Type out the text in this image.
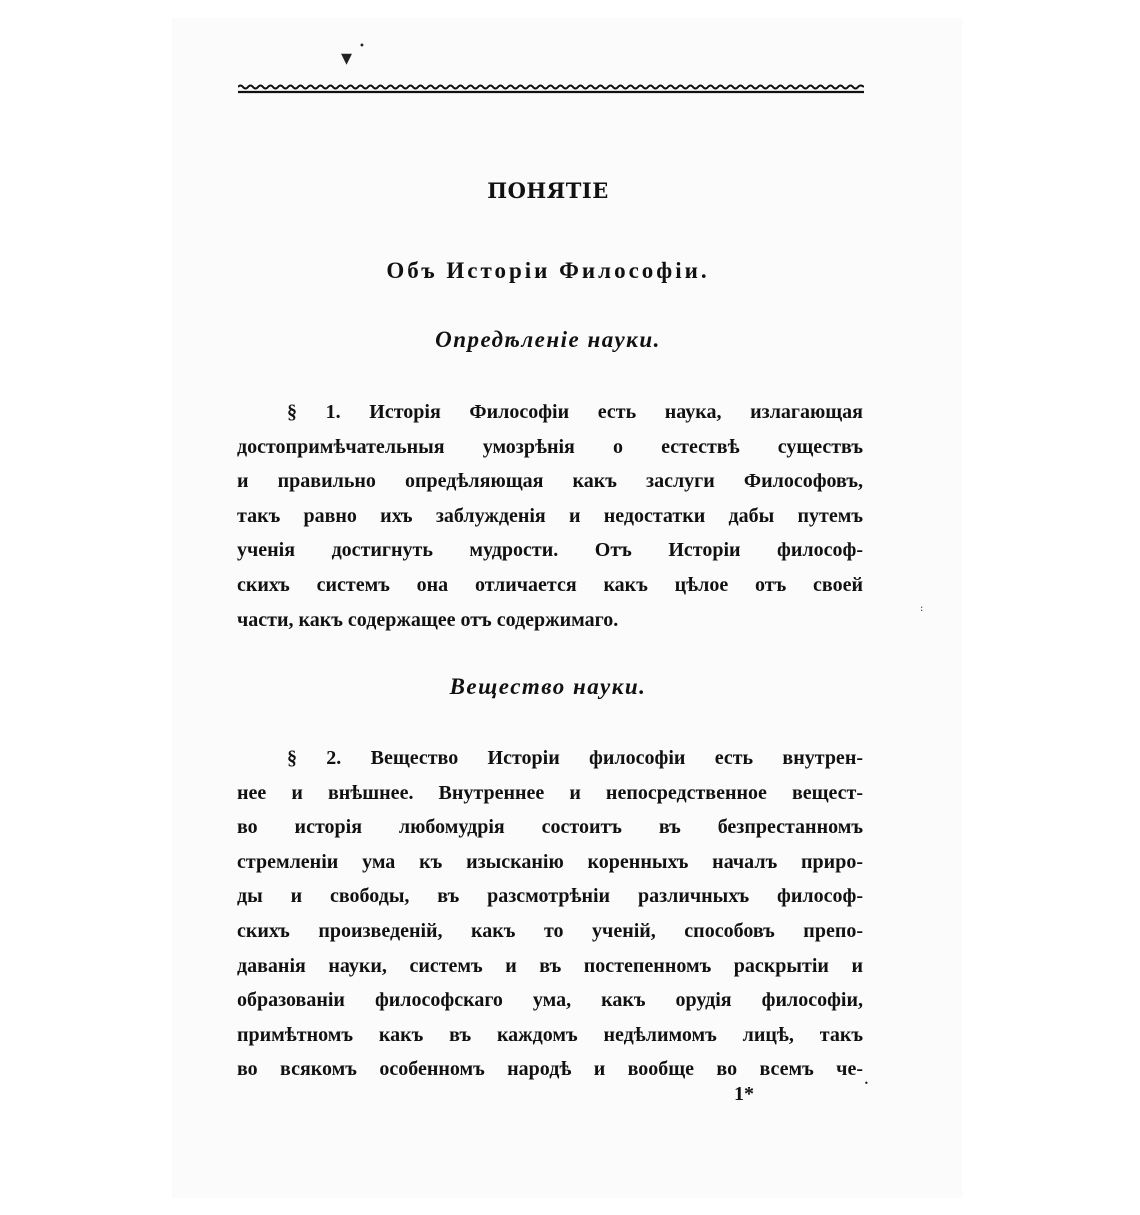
▾ •
ПОНЯТІЕ
Объ Исторіи Философіи.
Опредѣленіе науки.
§ 1. Исторія Философіи есть наука, излагающая
достопримѣчательныя умозрѣнія о естествѣ существъ
и правильно опредѣляющая какъ заслуги Философовъ,
такъ равно ихъ заблужденія и недостатки дабы путемъ
ученія достигнуть мудрости. Отъ Исторіи философ-
скихъ системъ она отличается какъ цѣлое отъ своей
части, какъ содержащее отъ содержимаго.
Вещество науки.
§ 2. Вещество Исторіи философіи есть внутрен-
нее и внѣшнее. Внутреннее и непосредственное вещест-
во исторія любомудрія состоитъ въ безпрестанномъ
стремленіи ума къ изысканію коренныхъ началъ приро-
ды и свободы, въ разсмотрѣніи различныхъ философ-
скихъ произведеній, какъ то ученій, способовъ препо-
даванія науки, системъ и въ постепенномъ раскрытіи и
образованіи философскаго ума, какъ орудія философіи,
примѣтномъ какъ въ каждомъ недѣлимомъ лицѣ, такъ
во всякомъ особенномъ народѣ и вообще во всемъ че-
1*
:
•
